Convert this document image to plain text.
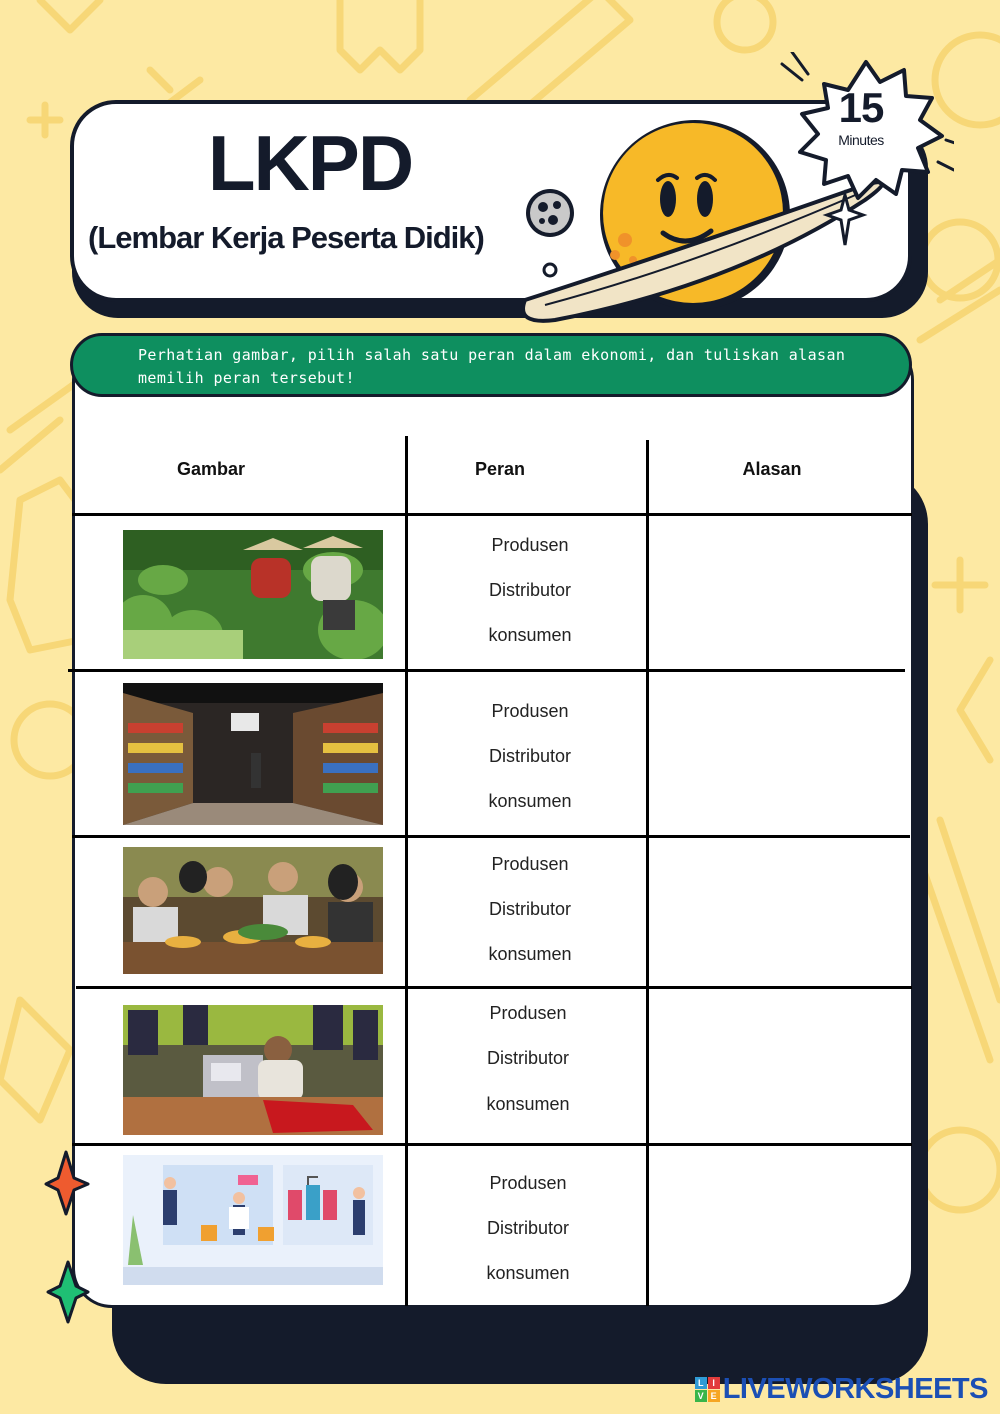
LKPD
(Lembar Kerja Peserta Didik)
15
Minutes
Perhatian gambar, pilih salah satu peran dalam ekonomi, dan tuliskan alasan memilih peran tersebut!
Gambar	Peran	Alasan
Produsen
Distributor
konsumen
Produsen
Distributor
konsumen
Produsen
Distributor
konsumen
Produsen
Distributor
konsumen
Produsen
Distributor
konsumen
L I
V E LIVEWORKSHEETS
